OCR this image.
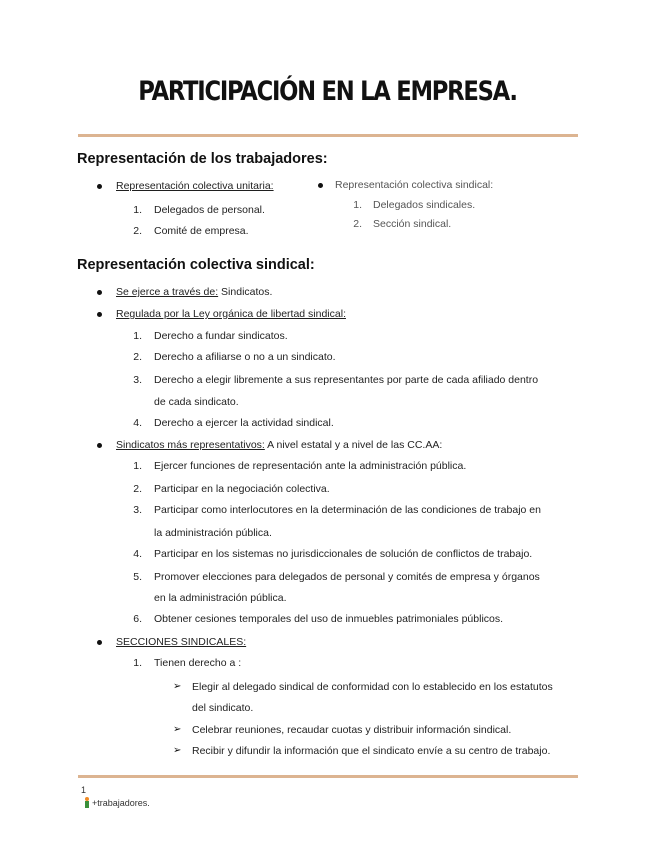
PARTICIPACIÓN EN LA EMPRESA.
Representación de los trabajadores:
Representación colectiva unitaria:
1. Delegados de personal.
2. Comité de empresa.
Representación colectiva sindical:
1. Delegados sindicales.
2. Sección sindical.
Representación colectiva sindical:
Se ejerce a través de: Sindicatos.
Regulada por la Ley orgánica de libertad sindical:
1. Derecho a fundar sindicatos.
2. Derecho a afiliarse o no a un sindicato.
3. Derecho a elegir libremente a sus representantes por parte de cada afiliado dentro
de cada sindicato.
4. Derecho a ejercer la actividad sindical.
Sindicatos más representativos: A nivel estatal y a nivel de las CC.AA:
1. Ejercer funciones de representación ante la administración pública.
2. Participar en la negociación colectiva.
3. Participar como interlocutores en la determinación de las condiciones de trabajo en
la administración pública.
4. Participar en los sistemas no jurisdiccionales de solución de conflictos de trabajo.
5. Promover elecciones para delegados de personal y comités de empresa y órganos
en la administración pública.
6. Obtener cesiones temporales del uso de inmuebles patrimoniales públicos.
SECCIONES SINDICALES:
1. Tienen derecho a :
➢ Elegir al delegado sindical de conformidad con lo establecido en los estatutos
del sindicato.
➢ Celebrar reuniones, recaudar cuotas y distribuir información sindical.
➢ Recibir y difundir la información que el sindicato envíe a su centro de trabajo.
1
+trabajadores.
